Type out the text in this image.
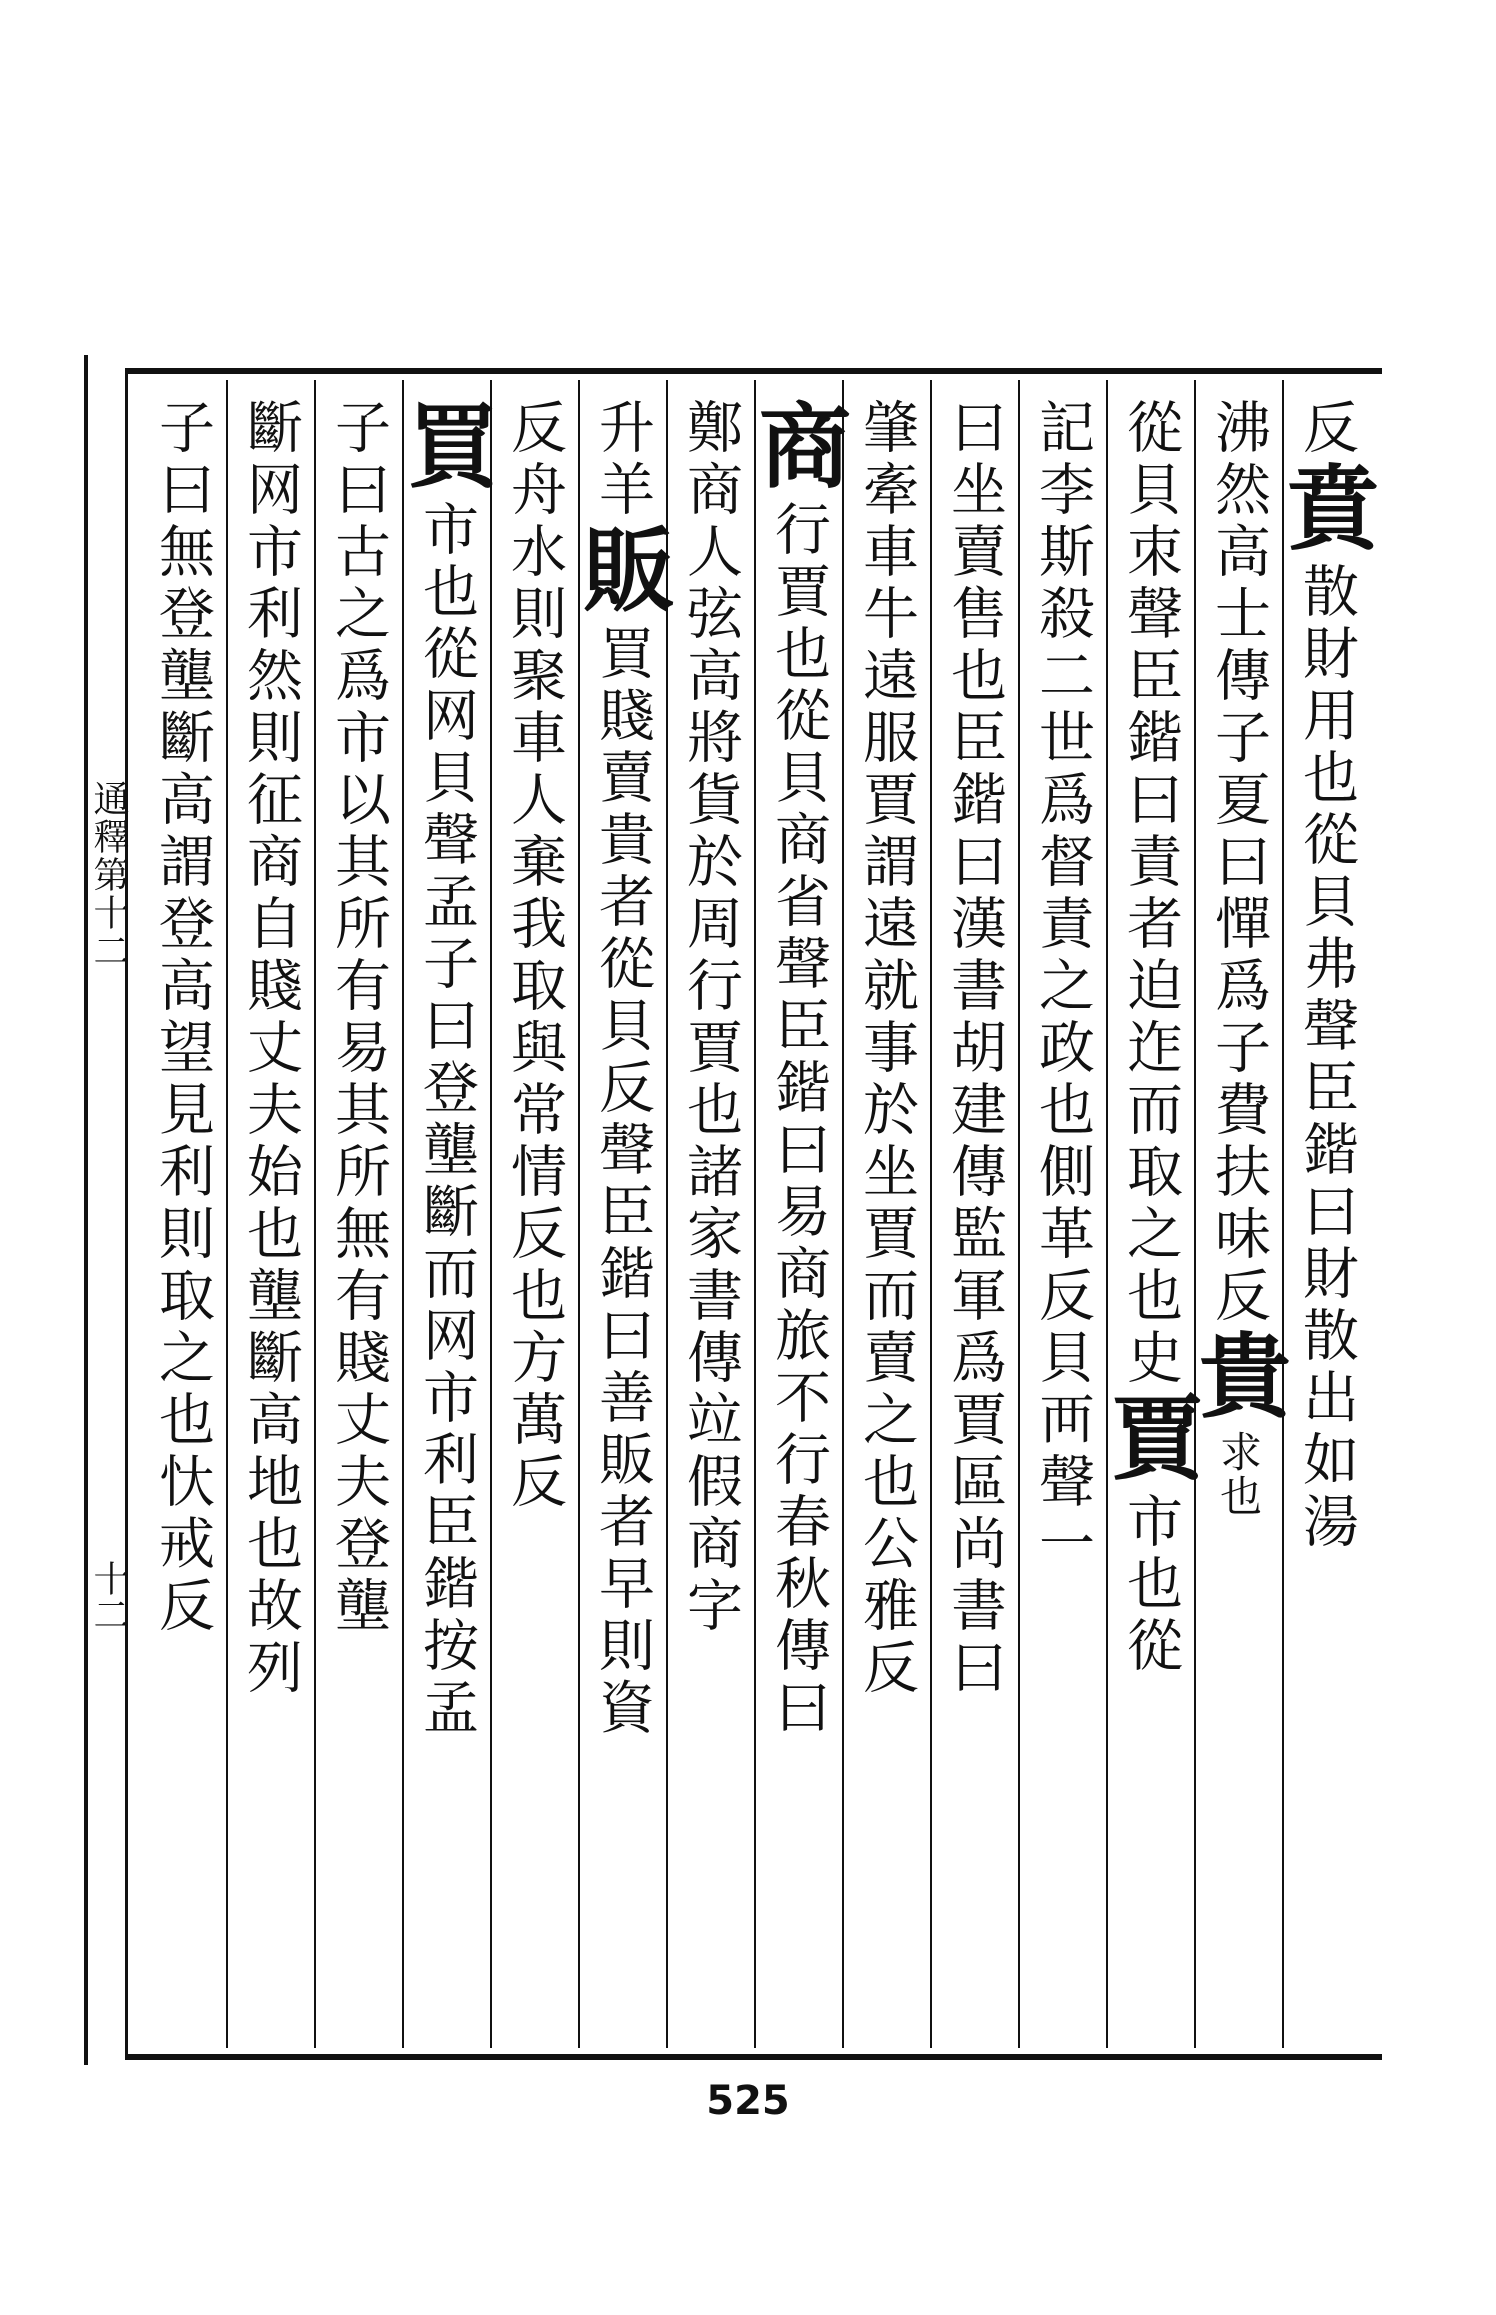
通釋第十二
十二
反賁散財用也從貝弗聲臣鍇曰財散出如湯
沸然高士傳子夏曰憚爲子費扶味反貴求也
從貝朿聲臣鍇曰責者迫迮而取之也史賈市也從
記李斯殺二世爲督責之政也側革反貝襾聲一
曰坐賣售也臣鍇曰漢書胡建傳監軍爲賈區尚書曰
肇牽車牛遠服賈謂遠就事於坐賈而賣之也公雅反
商行賈也從貝商省聲臣鍇曰易商旅不行春秋傳曰
鄭商人弦高將貨於周行賈也諸家書傳竝假商字
升羊販買賤賣貴者從貝反聲臣鍇曰善販者早則資
反舟水則聚車人棄我取與常情反也方萬反
買市也從网貝聲孟子曰登壟斷而网市利臣鍇按孟
子曰古之爲市以其所有易其所無有賤丈夫登壟
斷网市利然則征商自賤丈夫始也壟斷高地也故列
子曰無登壟斷高謂登高望見利則取之也忕戒反
525
